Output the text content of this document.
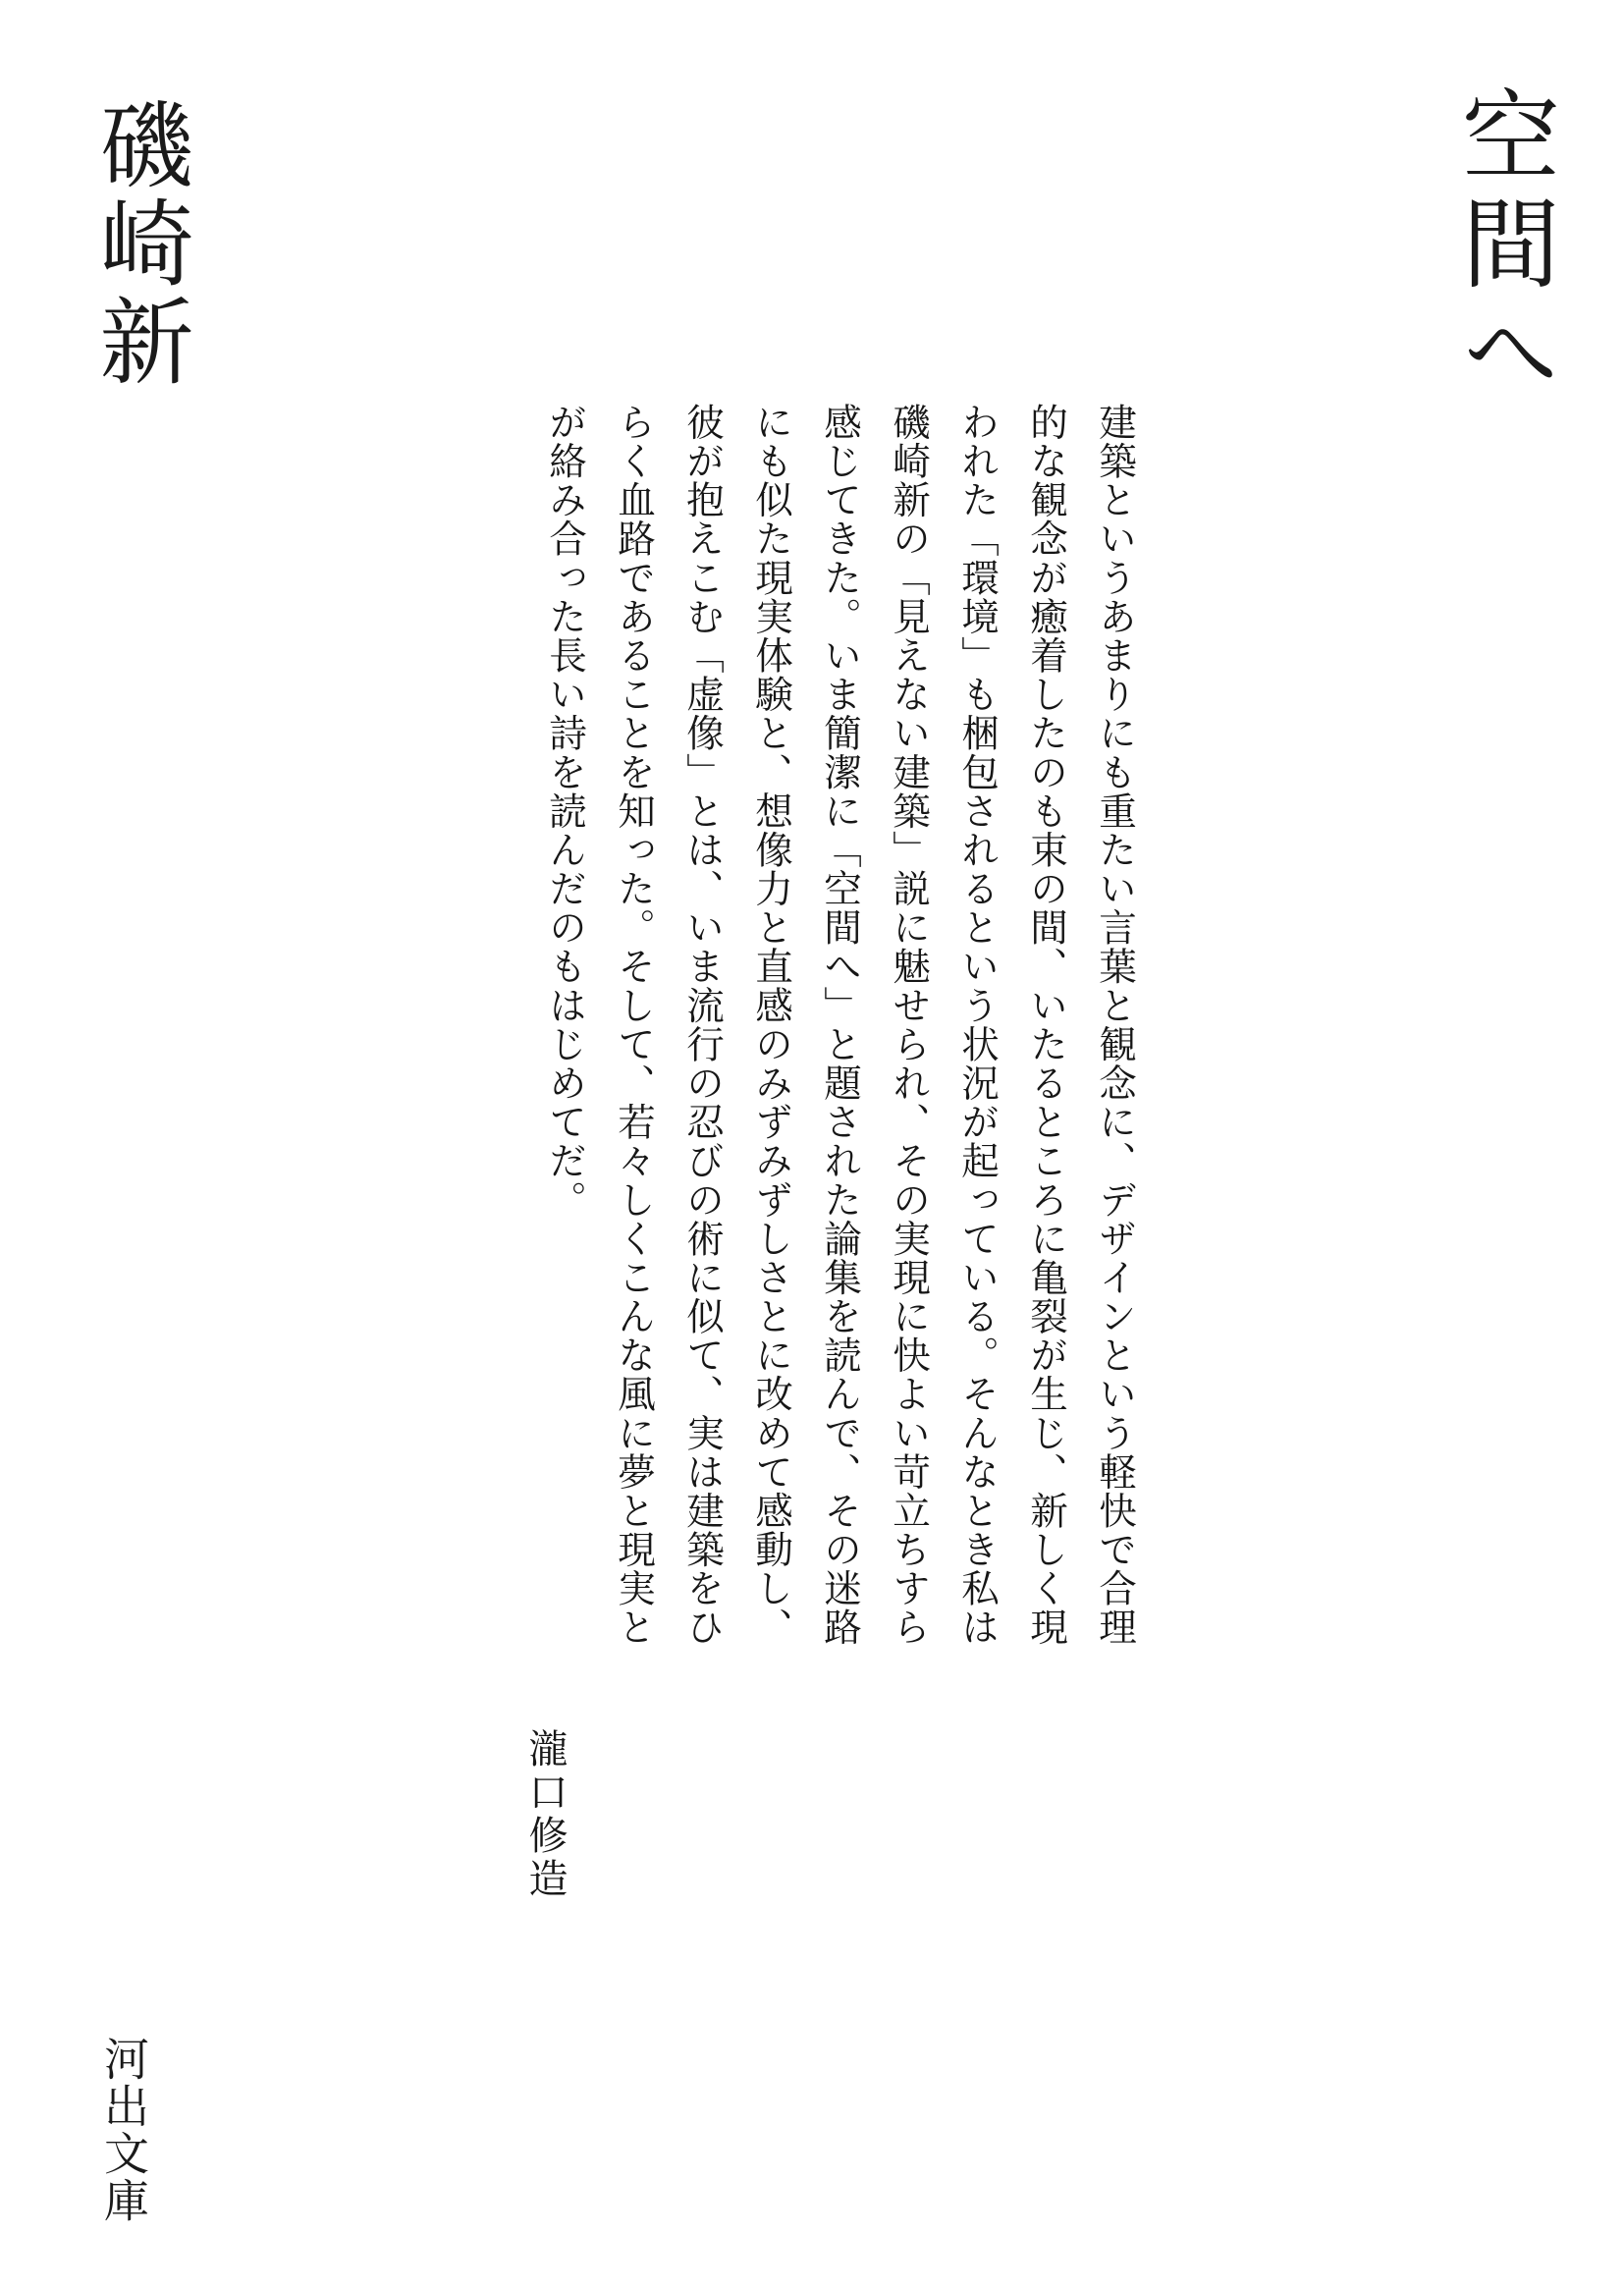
空間へ
磯崎新
建築というあまりにも重たい言葉と観念に、デザインという軽快で合理
的な観念が癒着したのも束の間、いたるところに亀裂が生じ、新しく現
われた「環境」も梱包されるという状況が起っている。そんなとき私は
磯崎新の「見えない建築」説に魅せられ、その実現に快よい苛立ちすら
感じてきた。いま簡潔に「空間へ」と題された論集を読んで、その迷路
にも似た現実体験と、想像力と直感のみずみずしさとに改めて感動し、
彼が抱えこむ「虚像」とは、いま流行の忍びの術に似て、実は建築をひ
らく血路であることを知った。そして、若々しくこんな風に夢と現実と
が絡み合った長い詩を読んだのもはじめてだ。
瀧口修造
河出文庫
